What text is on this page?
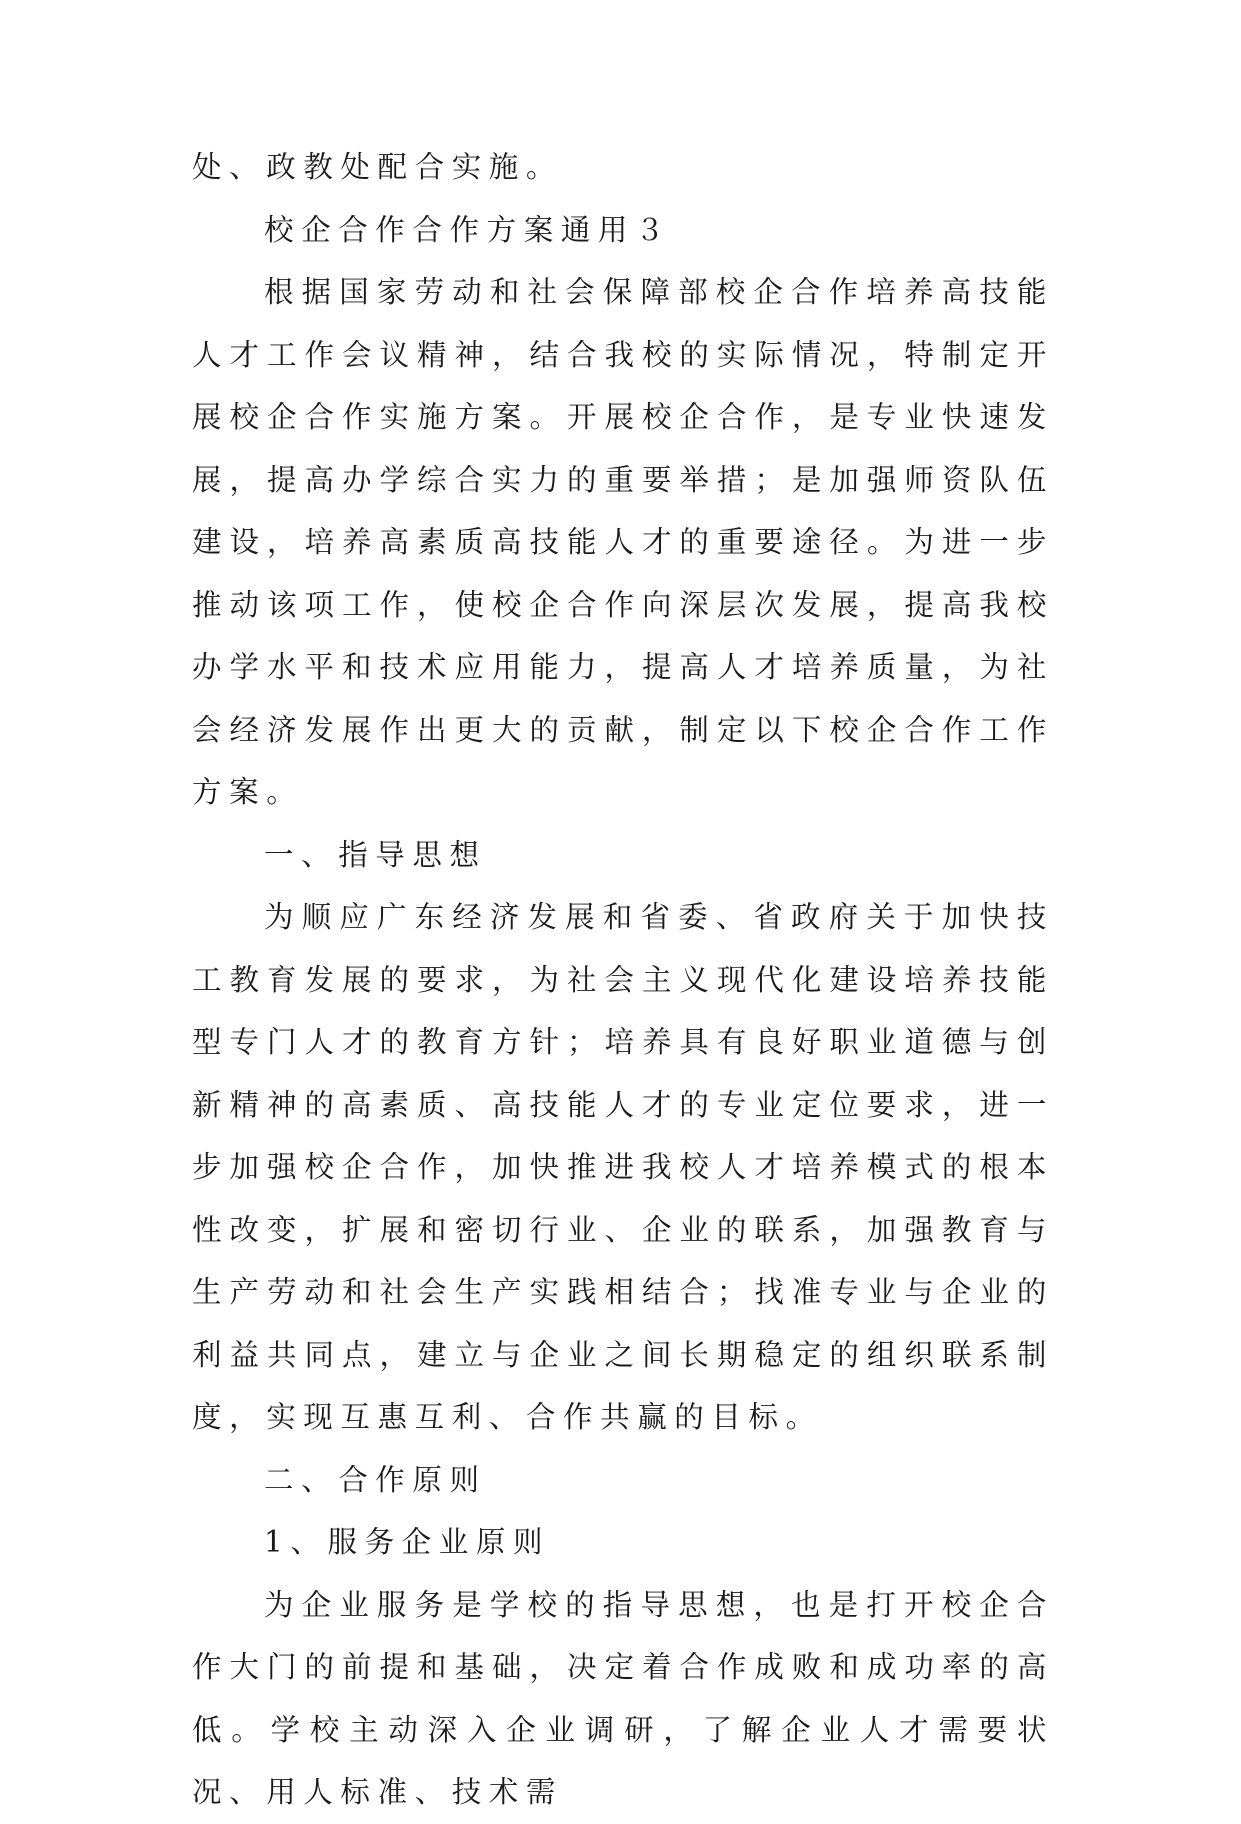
处、政教处配合实施。

校企合作合作方案通用３

根据国家劳动和社会保障部校企合作培养高技能人才工作会议精神，结合我校的实际情况，特制定开展校企合作实施方案。开展校企合作，是专业快速发展，提高办学综合实力的重要举措；是加强师资队伍建设，培养高素质高技能人才的重要途径。为进一步推动该项工作，使校企合作向深层次发展，提高我校办学水平和技术应用能力，提高人才培养质量，为社会经济发展作出更大的贡献，制定以下校企合作工作方案。

一、指导思想

为顺应广东经济发展和省委、省政府关于加快技工教育发展的要求，为社会主义现代化建设培养技能型专门人才的教育方针；培养具有良好职业道德与创新精神的高素质、高技能人才的专业定位要求，进一步加强校企合作，加快推进我校人才培养模式的根本性改变，扩展和密切行业、企业的联系，加强教育与生产劳动和社会生产实践相结合；找准专业与企业的利益共同点，建立与企业之间长期稳定的组织联系制度，实现互惠互利、合作共赢的目标。

二、合作原则

1、服务企业原则

为企业服务是学校的指导思想，也是打开校企合作大门的前提和基础，决定着合作成败和成功率的高低。学校主动深入企业调研，了解企业人才需要状况、用人标准、技术需
